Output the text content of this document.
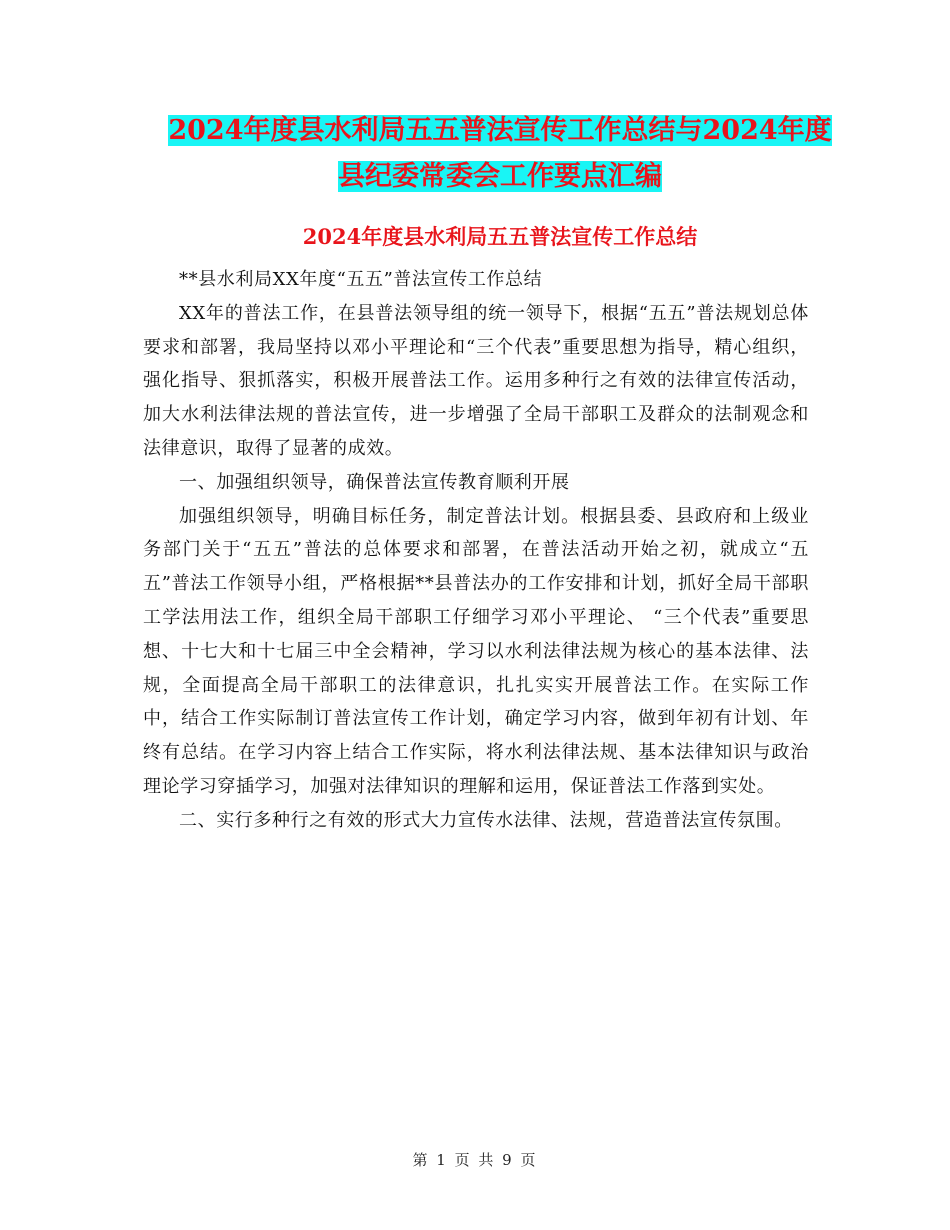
2024年度县水利局五五普法宣传工作总结与2024年度
县纪委常委会工作要点汇编
2024年度县水利局五五普法宣传工作总结

**县水利局XX年度“五五”普法宣传工作总结

XX年的普法工作，在县普法领导组的统一领导下，根据“五五”普法规划总体要求和部署，我局坚持以邓小平理论和“三个代表”重要思想为指导，精心组织，强化指导、狠抓落实，积极开展普法工作。运用多种行之有效的法律宣传活动，加大水利法律法规的普法宣传，进一步增强了全局干部职工及群众的法制观念和法律意识，取得了显著的成效。

一、加强组织领导，确保普法宣传教育顺利开展

加强组织领导，明确目标任务，制定普法计划。根据县委、县政府和上级业务部门关于“五五”普法的总体要求和部署，在普法活动开始之初，就成立“五五”普法工作领导小组，严格根据**县普法办的工作安排和计划，抓好全局干部职工学法用法工作，组织全局干部职工仔细学习邓小平理论、 “三个代表”重要思想、十七大和十七届三中全会精神，学习以水利法律法规为核心的基本法律、法规，全面提高全局干部职工的法律意识，扎扎实实开展普法工作。在实际工作中，结合工作实际制订普法宣传工作计划，确定学习内容，做到年初有计划、年终有总结。在学习内容上结合工作实际，将水利法律法规、基本法律知识与政治理论学习穿插学习，加强对法律知识的理解和运用，保证普法工作落到实处。

二、实行多种行之有效的形式大力宣传水法律、法规，营造普法宣传氛围。

第 1 页 共 9 页
